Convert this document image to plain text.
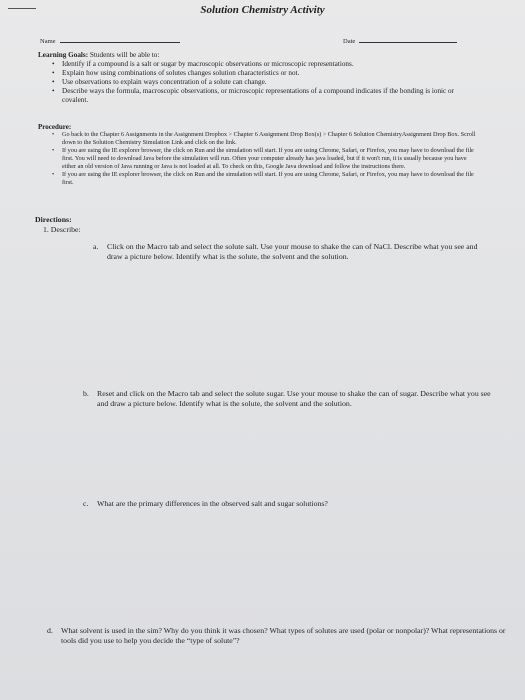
Solution Chemistry Activity
Name	Date
Learning Goals: Students will be able to:
• Identify if a compound is a salt or sugar by macroscopic observations or microscopic representations.
• Explain how using combinations of solutes changes solution characteristics or not.
• Use observations to explain ways concentration of a solute can change.
• Describe ways the formula, macroscopic observations, or microscopic representations of a compound indicates if the bonding is ionic or covalent.
Procedure:
• Go back to the Chapter 6 Assignments in the Assignment Dropbox > Chapter 6 Assignment Drop Box(s) > Chapter 6 Solution ChemistryAssignment Drop Box. Scroll down to the Solution Chemistry Simulation Link and click on the link.
• If you are using the IE explorer browser, the click on Run and the simulation will start. If you are using Chrome, Safari, or Firefox, you may have to download the file first. You will need to download Java before the simulation will run. Often your computer already has java loaded, but if it won't run, it is usually because you have either an old version of Java running or Java is not loaded at all. To check on this, Google Java download and follow the instructions there.
• If you are using the IE explorer browser, the click on Run and the simulation will start. If you are using Chrome, Safari, or Firefox, you may have to download the file first.
Directions:
1. Describe:
a. Click on the Macro tab and select the solute salt. Use your mouse to shake the can of NaCl. Describe what you see and draw a picture below. Identify what is the solute, the solvent and the solution.
b. Reset and click on the Macro tab and select the solute sugar. Use your mouse to shake the can of sugar. Describe what you see and draw a picture below. Identify what is the solute, the solvent and the solution.
c. What are the primary differences in the observed salt and sugar solutions?
d. What solvent is used in the sim? Why do you think it was chosen? What types of solutes are used (polar or nonpolar)? What representations or tools did you use to help you decide the “type of solute”?
